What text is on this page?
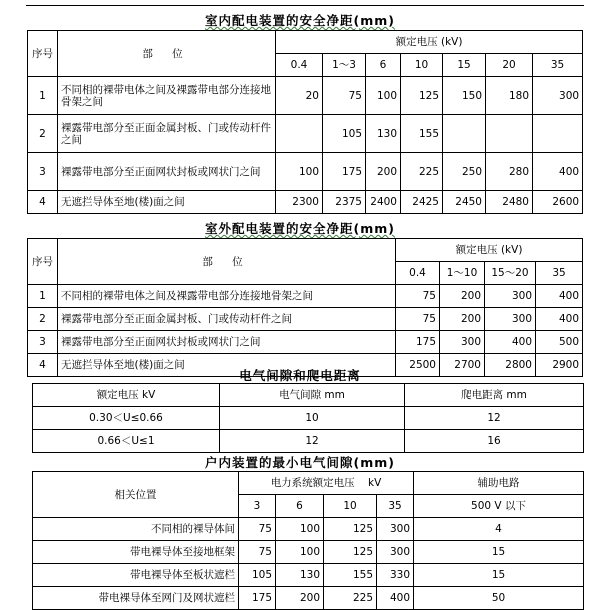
室内配电装置的安全净距(mm)
序号	部 位	额定电压 (kV)						
		0.4	1～3	6	10	15	20	35
1	不同相的裸带电体之间及裸露带电部分连接地骨架之间	20	75	100	125	150	180	300
2	裸露带电部分至正面金属封板、门或传动杆件之间		105	130	155			
3	裸露带电部分至正面网状封板或网状门之间	100	175	200	225	250	280	400
4	无遮拦导体至地(楼)面之间	2300	2375	2400	2425	2450	2480	2600
室外配电装置的安全净距(mm)
序号	部 位	额定电压 (kV)			
		0.4	1～10	15～20	35
1	不同相的裸带电体之间及裸露带电部分连接地骨架之间	75	200	300	400
2	裸露带电部分至正面金属封板、门或传动杆件之间	75	200	300	400
3	裸露带电部分至正面网状封板或网状门之间	175	300	400	500
4	无遮拦导体至地(楼)面之间	2500	2700	2800	2900
电气间隙和爬电距离
额定电压 kV	电气间隙 mm	爬电距离 mm
0.30＜U≤0.66	10	12
0.66＜U≤1	12	16
户内装置的最小电气间隙(mm)
相关位置	电力系统额定电压 kV				辅助电路
	3	6	10	35	500 V 以下
不同相的裸导体间	75	100	125	300	4
带电裸导体至接地框架	75	100	125	300	15
带电裸导体至板状遮栏	105	130	155	330	15
带电裸导体至网门及网状遮栏	175	200	225	400	50
